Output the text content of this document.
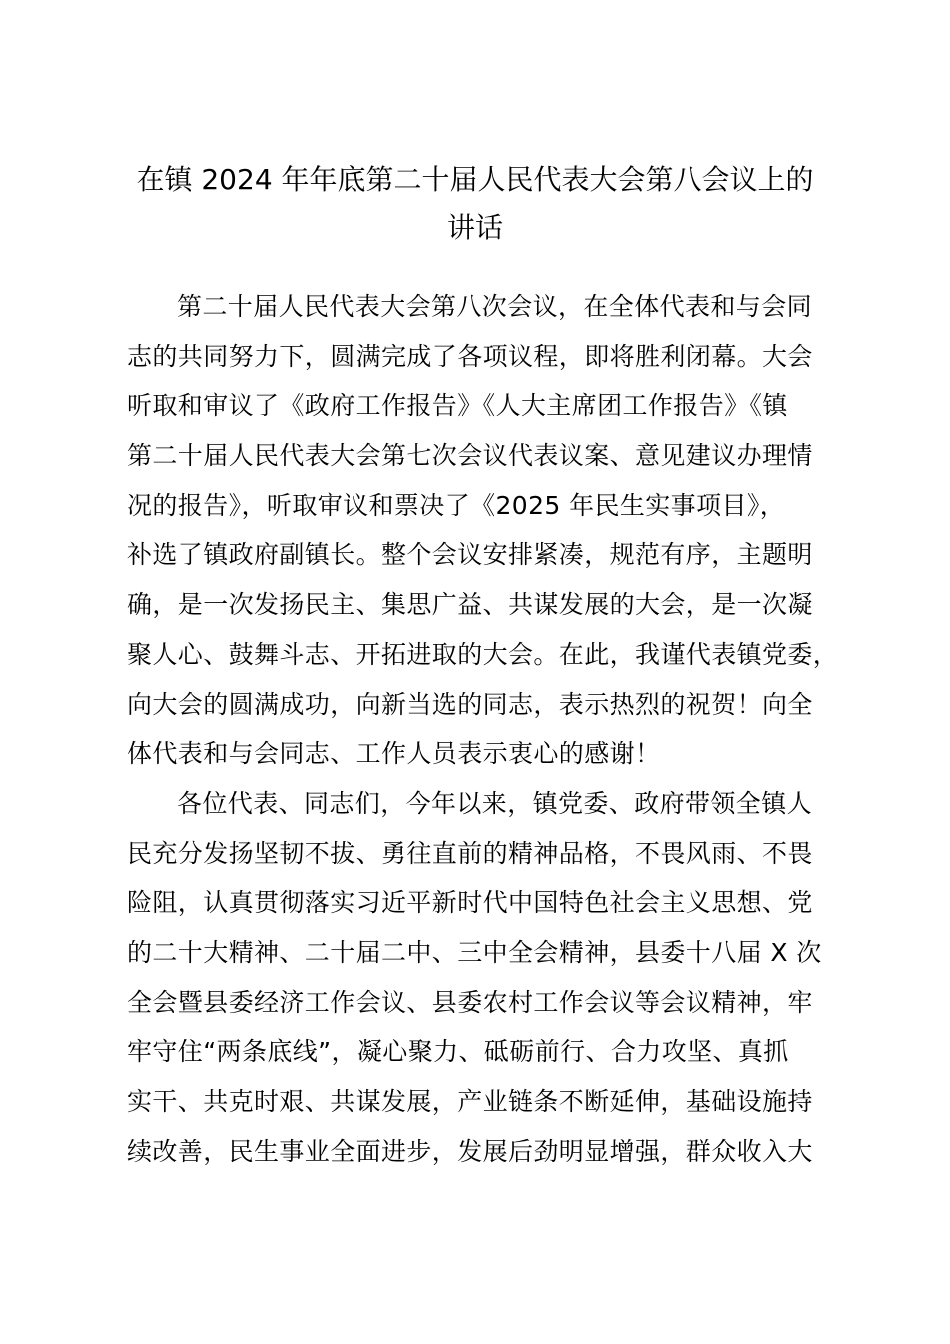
在镇 2024 年年底第二十届人民代表大会第八会议上的
讲话
第二十届人民代表大会第八次会议，在全体代表和与会同
志的共同努力下，圆满完成了各项议程，即将胜利闭幕。大会
听取和审议了《政府工作报告》《人大主席团工作报告》《镇
第二十届人民代表大会第七次会议代表议案、意见建议办理情
况的报告》，听取审议和票决了《2025 年民生实事项目》，
补选了镇政府副镇长。整个会议安排紧凑，规范有序，主题明
确，是一次发扬民主、集思广益、共谋发展的大会，是一次凝
聚人心、鼓舞斗志、开拓进取的大会。在此，我谨代表镇党委，
向大会的圆满成功，向新当选的同志，表示热烈的祝贺！向全
体代表和与会同志、工作人员表示衷心的感谢！
各位代表、同志们，今年以来，镇党委、政府带领全镇人
民充分发扬坚韧不拔、勇往直前的精神品格，不畏风雨、不畏
险阻，认真贯彻落实习近平新时代中国特色社会主义思想、党
的二十大精神、二十届二中、三中全会精神，县委十八届 X 次
全会暨县委经济工作会议、县委农村工作会议等会议精神，牢
牢守住“两条底线”，凝心聚力、砥砺前行、合力攻坚、真抓
实干、共克时艰、共谋发展，产业链条不断延伸，基础设施持
续改善，民生事业全面进步，发展后劲明显增强，群众收入大
